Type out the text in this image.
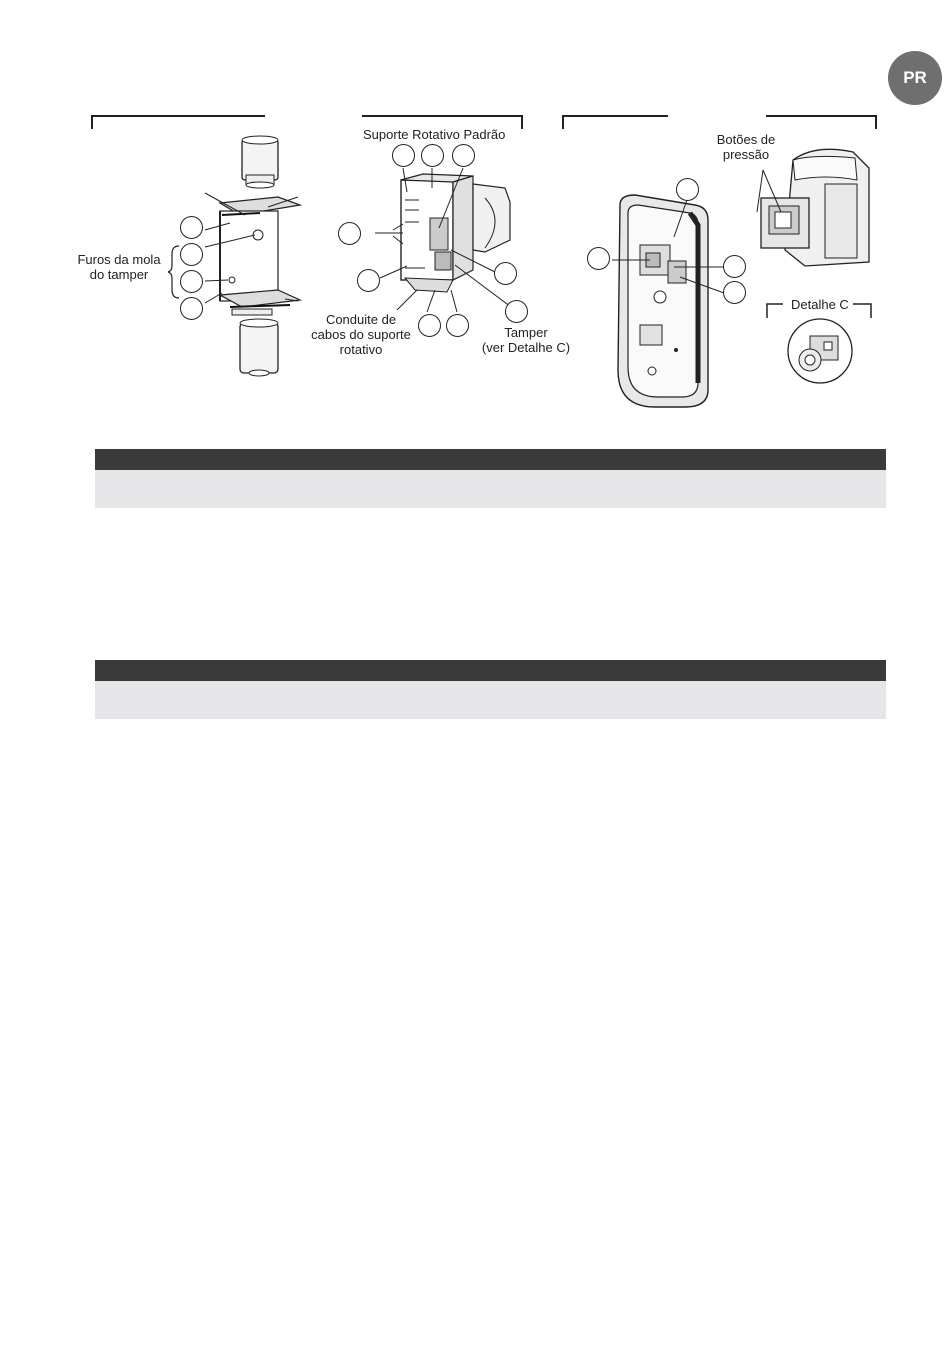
PR
Furos da mola
do tamper
Suporte Rotativo Padrão
Conduite de
cabos do suporte
rotativo
Tamper
(ver Detalhe C)
Botões de
pressão
Detalhe C
